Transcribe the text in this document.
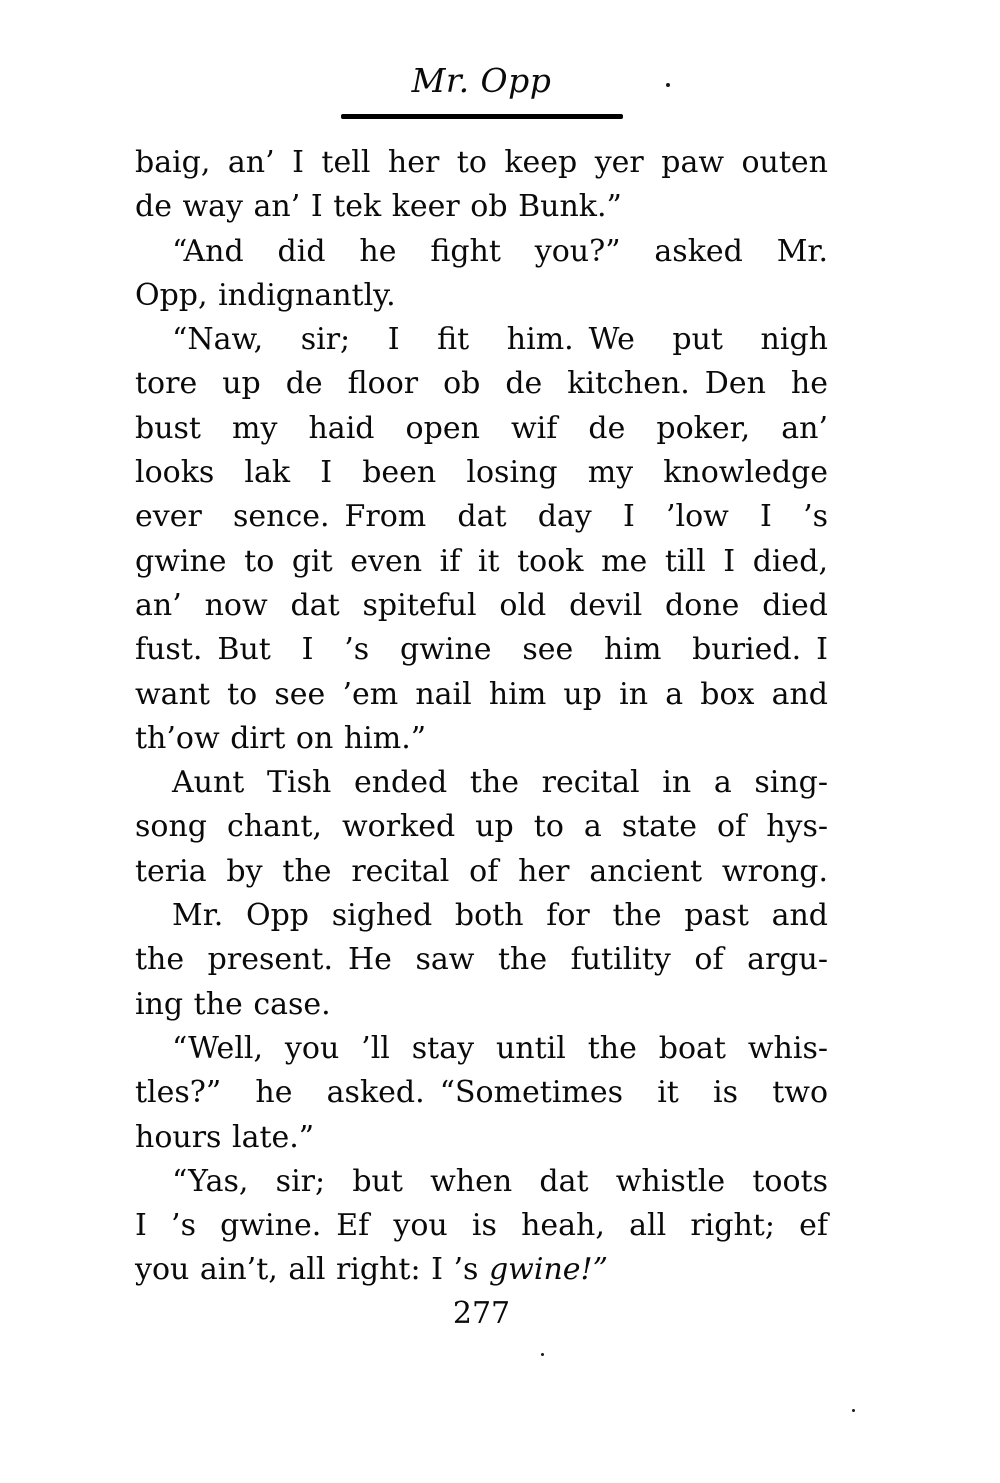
Mr. Opp
baig, an’ I tell her to keep yer paw outen
de way an’ I tek keer ob Bunk.”
“And did he fight you?” asked Mr.
Opp, indignantly.
“Naw, sir; I fit him. We put nigh
tore up de floor ob de kitchen. Den he
bust my haid open wif de poker, an’
looks lak I been losing my knowledge
ever sence. From dat day I ’low I ’s
gwine to git even if it took me till I died,
an’ now dat spiteful old devil done died
fust. But I ’s gwine see him buried. I
want to see ’em nail him up in a box and
th’ow dirt on him.”
Aunt Tish ended the recital in a sing-
song chant, worked up to a state of hys-
teria by the recital of her ancient wrong.
Mr. Opp sighed both for the past and
the present. He saw the futility of argu-
ing the case.
“Well, you ’ll stay until the boat whis-
tles?” he asked. “Sometimes it is two
hours late.”
“Yas, sir; but when dat whistle toots
I ’s gwine. Ef you is heah, all right; ef
you ain’t, all right: I ’s gwine!”
277
